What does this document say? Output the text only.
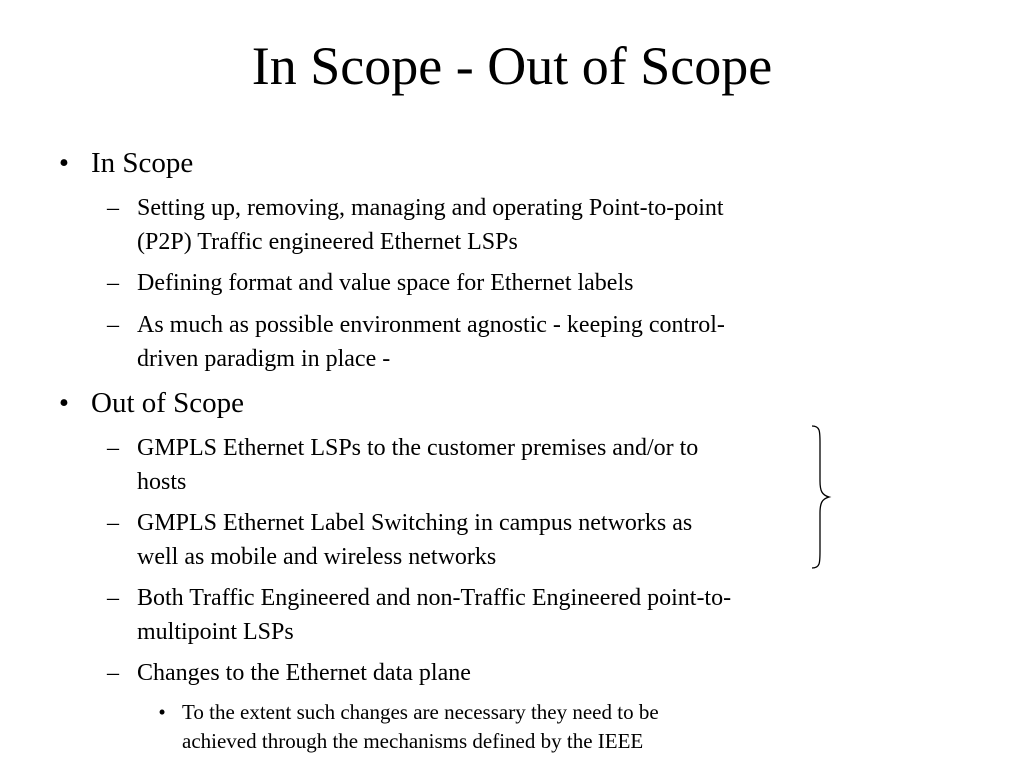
In Scope - Out of Scope
• In Scope
– Setting up, removing, managing and operating Point-to-point
(P2P) Traffic engineered Ethernet LSPs
– Defining format and value space for Ethernet labels
– As much as possible environment agnostic - keeping control-
driven paradigm in place -
• Out of Scope
– GMPLS Ethernet LSPs to the customer premises and/or to
hosts
– GMPLS Ethernet Label Switching in campus networks as
well as mobile and wireless networks
– Both Traffic Engineered and non-Traffic Engineered point-to-
multipoint LSPs
– Changes to the Ethernet data plane
• To the extent such changes are necessary they need to be
achieved through the mechanisms defined by the IEEE
